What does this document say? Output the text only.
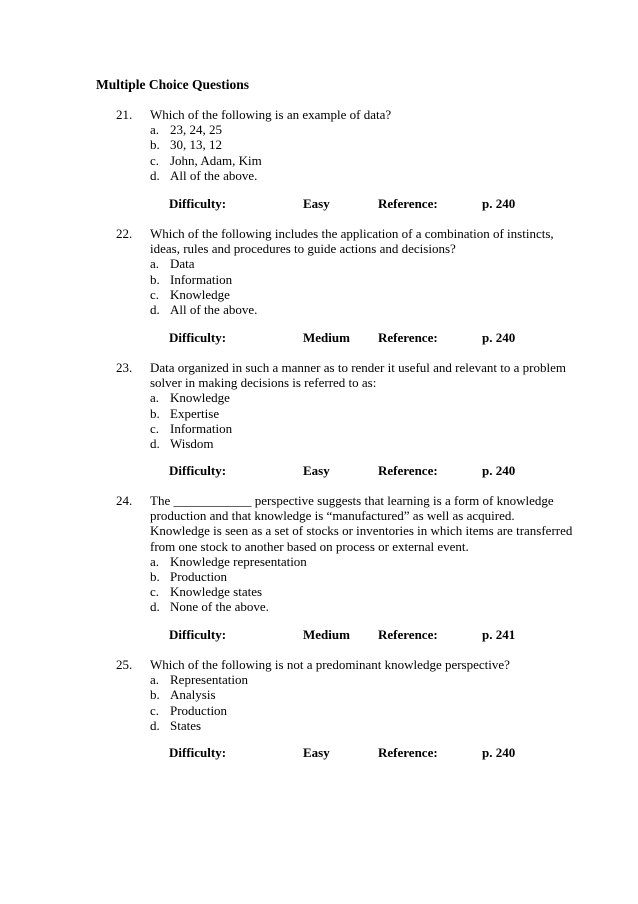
Multiple Choice Questions
21. Which of the following is an example of data?
a. 23, 24, 25
b. 30, 13, 12
c. John, Adam, Kim
d. All of the above.
Difficulty:	Easy	Reference:	p. 240
22. Which of the following includes the application of a combination of instincts,
ideas, rules and procedures to guide actions and decisions?
a. Data
b. Information
c. Knowledge
d. All of the above.
Difficulty:	Medium Reference:	p. 240
23. Data organized in such a manner as to render it useful and relevant to a problem
solver in making decisions is referred to as:
a. Knowledge
b. Expertise
c. Information
d. Wisdom
Difficulty:	Easy	Reference:	p. 240
24. The ____________ perspective suggests that learning is a form of knowledge
production and that knowledge is “manufactured” as well as acquired.
Knowledge is seen as a set of stocks or inventories in which items are transferred
from one stock to another based on process or external event.
a. Knowledge representation
b. Production
c. Knowledge states
d. None of the above.
Difficulty:	Medium Reference:	p. 241
25. Which of the following is not a predominant knowledge perspective?
a. Representation
b. Analysis
c. Production
d. States
Difficulty:	Easy	Reference:	p. 240
